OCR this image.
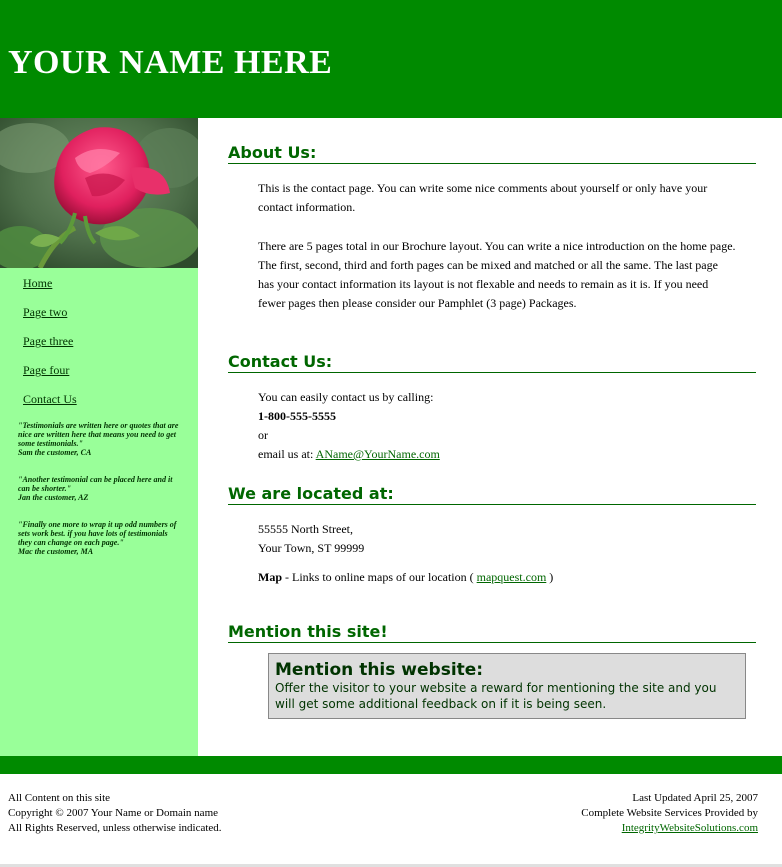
YOUR NAME HERE
Home
Page two
Page three
Page four
Contact Us
"Testimonials are written here or quotes that are nice are written here that means you need to get some testimonials."
Sam the customer, CA
"Another testimonial can be placed here and it can be shorter."
Jan the customer, AZ
"Finally one more to wrap it up odd numbers of sets work best. if you have lots of testimonials they can change on each page."
Mac the customer, MA
About Us:

This is the contact page. You can write some nice comments about yourself or only have your contact information.

There are 5 pages total in our Brochure layout. You can write a nice introduction on the home page. The first, second, third and forth pages can be mixed and matched or all the same. The last page has your contact information its layout is not flexable and needs to remain as it is. If you need fewer pages then please consider our Pamphlet (3 page) Packages.

Contact Us:
You can easily contact us by calling:
1-800-555-5555
or
email us at: AName@YourName.com
We are located at:
55555 North Street,
Your Town, ST 99999
Map - Links to online maps of our location ( mapquest.com )
Mention this site!
Mention this website:
Offer the visitor to your website a reward for mentioning the site and you will get some additional feedback on if it is being seen.
All Content on this site
Copyright © 2007 Your Name or Domain name
All Rights Reserved, unless otherwise indicated.
Last Updated April 25, 2007
Complete Website Services Provided by
IntegrityWebsiteSolutions.com
